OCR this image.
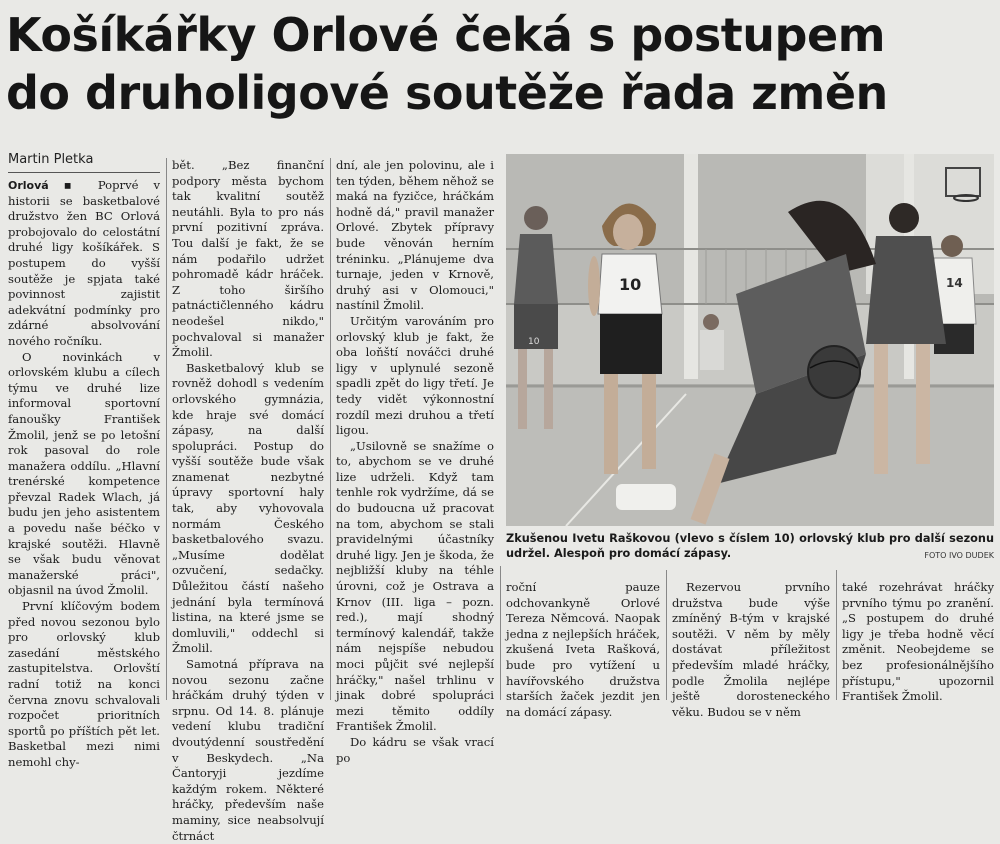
Košíkářky Orlové čeká s postupem
do druholigové soutěže řada změn
Martin Pletka

Orlová ▪ Poprvé v historii se basketbalové družstvo žen BC Orlová probojovalo do celostátní druhé ligy košíkářek. S postupem do vyšší soutěže je spjata také povinnost zajistit adekvátní podmínky pro zdárné absolvování nového ročníku.

O novinkách v orlovském klubu a cílech týmu ve druhé lize informoval sportovní fanoušky František Žmolil, jenž se po letošní rok pasoval do role manažera oddílu. „Hlavní trenérské kompetence převzal Radek Wlach, já budu jen jeho asistentem a povedu naše béčko v krajské soutěži. Hlavně se však budu věnovat manažerské práci", objasnil na úvod Žmolil.

První klíčovým bodem před novou sezonou bylo pro orlovský klub zasedání městského zastupitelstva. Orlovští radní totiž na konci června znovu schvalovali rozpočet prioritních sportů po příštích pět let. Basketbal mezi nimi nemohl chy-

bět. „Bez finanční podpory města bychom tak kvalitní soutěž neutáhli. Byla to pro nás první pozitivní zpráva. Tou další je fakt, že se nám podařilo udržet pohromadě kádr hráček. Z toho širšího patnáctičlenného kádru neodešel nikdo," pochvaloval si manažer Žmolil.

Basketbalový klub se rovněž dohodl s vedením orlovského gymnázia, kde hraje své domácí zápasy, na další spolupráci. Postup do vyšší soutěže bude však znamenat nezbytné úpravy sportovní haly tak, aby vyhovovala normám Českého basketbalového svazu. „Musíme dodělat ozvučení, sedačky. Důležitou částí našeho jednání byla termínová listina, na které jsme se domluvili," oddechl si Žmolil.

Samotná příprava na novou sezonu začne hráčkám druhý týden v srpnu. Od 14. 8. plánuje vedení klubu tradiční dvoutýdenní soustředění v Beskydech. „Na Čantoryji jezdíme každým rokem. Některé hráčky, především naše maminy, sice neabsolvují čtrnáct

dní, ale jen polovinu, ale i ten týden, během něhož se maká na fyzičce, hráčkám hodně dá," pravil manažer Orlové. Zbytek přípravy bude věnován herním tréninku. „Plánujeme dva turnaje, jeden v Krnově, druhý asi v Olomouci," nastínil Žmolil.

Určitým varováním pro orlovský klub je fakt, že oba loňští nováčci druhé ligy v uplynulé sezoně spadli zpět do ligy třetí. Je tedy vidět výkonnostní rozdíl mezi druhou a třetí ligou.

„Usilovně se snažíme o to, abychom se ve druhé lize udrželi. Když tam tenhle rok vydržíme, dá se do budoucna už pracovat na tom, abychom se stali pravidelnými účastníky druhé ligy. Jen je škoda, že nejbližší kluby na téhle úrovni, což je Ostrava a Krnov (III. liga – pozn. red.), mají shodný termínový kalendář, takže nám nejspíše nebudou moci půjčit své nejlepší hráčky," našel trhlinu v jinak dobré spolupráci mezi těmito oddíly František Žmolil.

Do kádru se však vrací po

10
10	14
Zkušenou Ivetu Raškovou (vlevo s číslem 10) orlovský klub pro další sezonu udržel. Alespoň pro domácí zápasy.	FOTO IVO DUDEK

roční pauze odchovankyně Orlové Tereza Němcová. Naopak jedna z nejlepších hráček, zkušená Iveta Rašková, bude pro vytížení u havířovského družstva starších žaček jezdit jen na domácí zápasy.

Rezervou prvního družstva bude výše zmíněný B-tým v krajské soutěži. V něm by měly dostávat příležitost především mladé hráčky, podle Žmolila nejlépe ještě dorosteneckého věku. Budou se v něm

také rozehrávat hráčky prvního týmu po zranění. „S postupem do druhé ligy je třeba hodně věcí změnit. Neobejdeme se bez profesionálnějšího přístupu," upozornil František Žmolil.
